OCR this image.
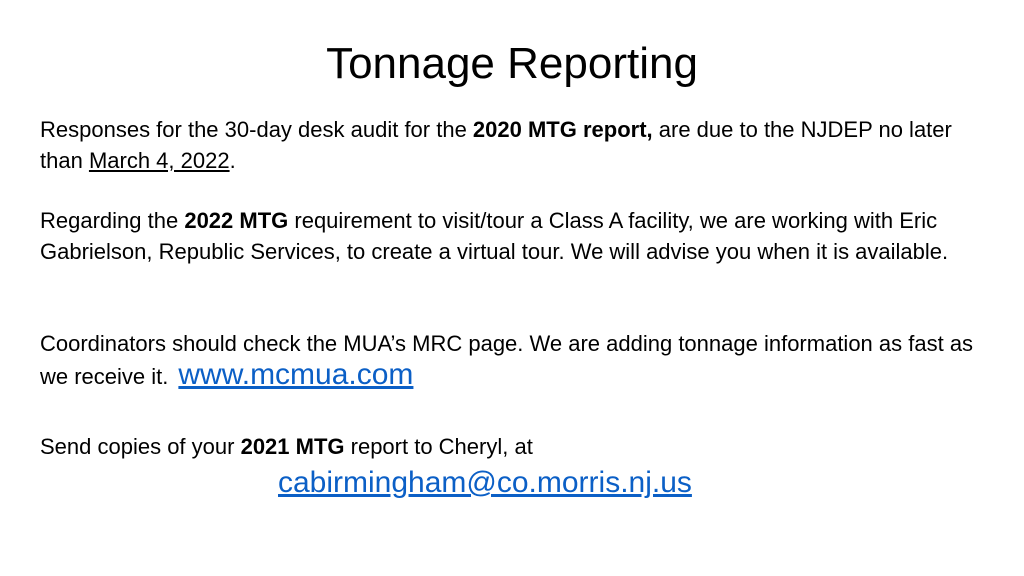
Tonnage Reporting

Responses for the 30-day desk audit for the 2020 MTG report, are due to the NJDEP no later than March 4, 2022.

Regarding the 2022 MTG requirement to visit/tour a Class A facility, we are working with Eric Gabrielson, Republic Services, to create a virtual tour. We will advise you when it is available.

Coordinators should check the MUA’s MRC page. We are adding tonnage information as fast as we receive it. www.mcmua.com

Send copies of your 2021 MTG report to Cheryl, at

cabirmingham@co.morris.nj.us
